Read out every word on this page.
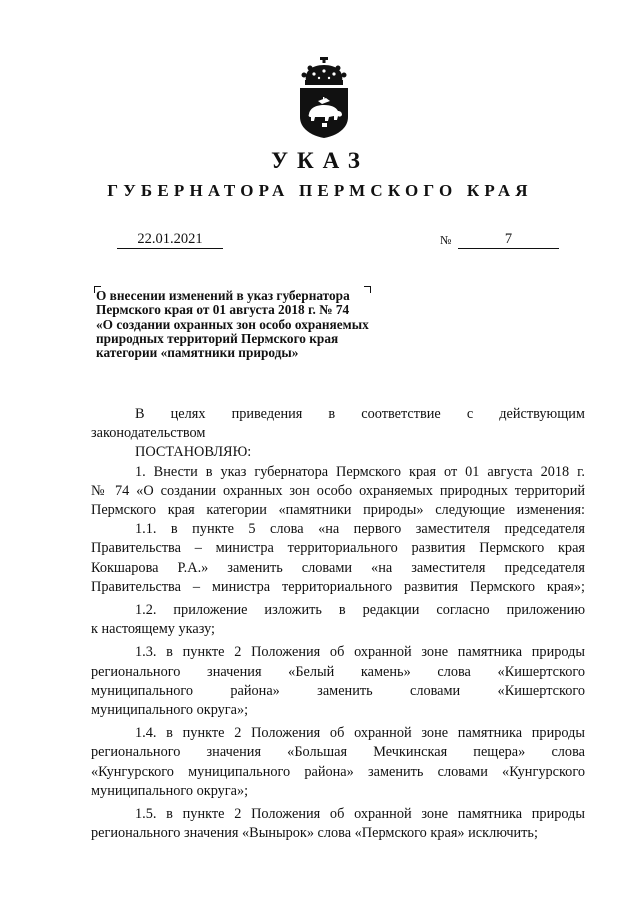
УКАЗ
ГУБЕРНАТОРА ПЕРМСКОГО КРАЯ
22.01.2021	№	7
О внесении изменений в указ губернатора
Пермского края от 01 августа 2018 г. № 74
«О создании охранных зон особо охраняемых
природных территорий Пермского края
категории «памятники природы»
В целях приведения в соответствие с действующим

законодательством

ПОСТАНОВЛЯЮ:

1. Внести в указ губернатора Пермского края от 01 августа 2018 г.

№ 74 «О создании охранных зон особо охраняемых природных территорий

Пермского края категории «памятники природы» следующие изменения:

1.1. в пункте 5 слова «на первого заместителя председателя

Правительства – министра территориального развития Пермского края

Кокшарова Р.А.» заменить словами «на заместителя председателя

Правительства – министра территориального развития Пермского края»;

1.2. приложение изложить в редакции согласно приложению

к настоящему указу;

1.3. в пункте 2 Положения об охранной зоне памятника природы

регионального значения «Белый камень» слова «Кишертского

муниципального района» заменить словами «Кишертского

муниципального округа»;

1.4. в пункте 2 Положения об охранной зоне памятника природы

регионального значения «Большая Мечкинская пещера» слова

«Кунгурского муниципального района» заменить словами «Кунгурского

муниципального округа»;

1.5. в пункте 2 Положения об охранной зоне памятника природы

регионального значения «Вынырок» слова «Пермского края» исключить;
